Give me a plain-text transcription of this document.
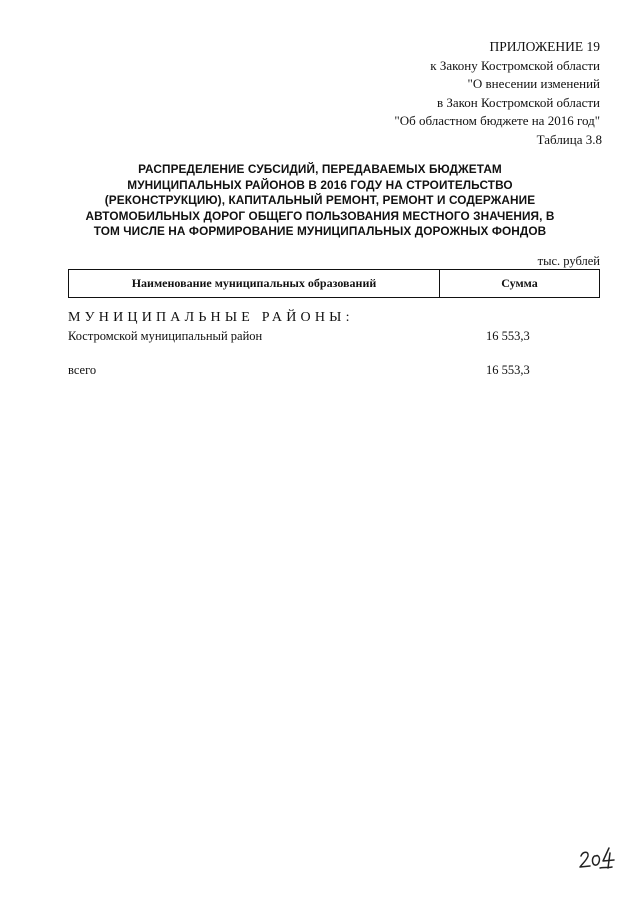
ПРИЛОЖЕНИЕ 19
к Закону Костромской области
"О внесении изменений
в Закон Костромской области
"Об областном бюджете на 2016 год"
Таблица 3.8
РАСПРЕДЕЛЕНИЕ СУБСИДИЙ, ПЕРЕДАВАЕМЫХ БЮДЖЕТАМ МУНИЦИПАЛЬНЫХ РАЙОНОВ В 2016 ГОДУ НА СТРОИТЕЛЬСТВО (РЕКОНСТРУКЦИЮ), КАПИТАЛЬНЫЙ РЕМОНТ, РЕМОНТ И СОДЕРЖАНИЕ АВТОМОБИЛЬНЫХ ДОРОГ ОБЩЕГО ПОЛЬЗОВАНИЯ МЕСТНОГО ЗНАЧЕНИЯ, В ТОМ ЧИСЛЕ НА ФОРМИРОВАНИЕ МУНИЦИПАЛЬНЫХ ДОРОЖНЫХ ФОНДОВ
тыс. рублей
Наименование муниципальных образований	Сумма
МУНИЦИПАЛЬНЫЕ РАЙОНЫ:
Костромской муниципальный район	16 553,3
всего	16 553,3
